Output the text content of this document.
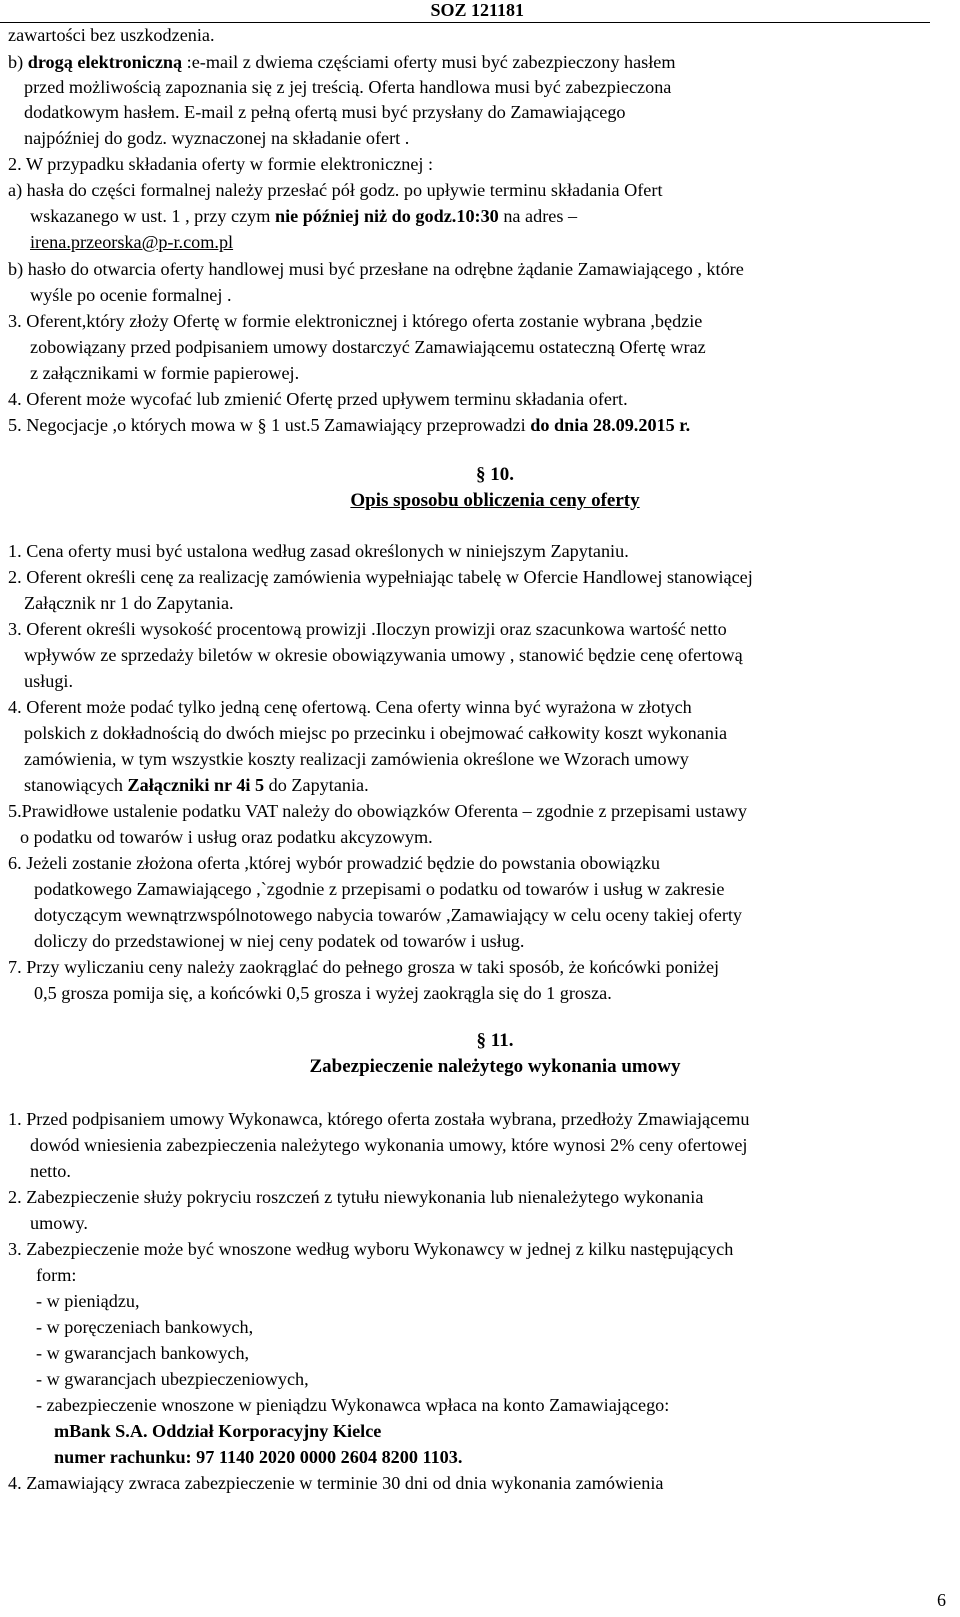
SOZ 121181
zawartości bez uszkodzenia.
b) drogą elektroniczną :e-mail z dwiema częściami oferty musi być zabezpieczony hasłem
przed możliwością zapoznania się z jej treścią. Oferta handlowa musi być zabezpieczona
dodatkowym hasłem. E-mail z pełną ofertą musi być przysłany do Zamawiającego
najpóźniej do godz. wyznaczonej na składanie ofert .
2. W przypadku składania oferty w formie elektronicznej :
a) hasła do części formalnej należy przesłać pół godz. po upływie terminu składania Ofert
wskazanego w ust. 1 , przy czym nie później niż do godz.10:30 na adres –
irena.przeorska@p-r.com.pl
b) hasło do otwarcia oferty handlowej musi być przesłane na odrębne żądanie Zamawiającego , które
wyśle po ocenie formalnej .
3. Oferent,który złoży Ofertę w formie elektronicznej i którego oferta zostanie wybrana ,będzie
zobowiązany przed podpisaniem umowy dostarczyć Zamawiającemu ostateczną Ofertę wraz
z załącznikami w formie papierowej.
4. Oferent może wycofać lub zmienić Ofertę przed upływem terminu składania ofert.
5. Negocjacje ,o których mowa w § 1 ust.5 Zamawiający przeprowadzi do dnia 28.09.2015 r.
§ 10.
Opis sposobu obliczenia ceny oferty
1. Cena oferty musi być ustalona według zasad określonych w niniejszym Zapytaniu.
2. Oferent określi cenę za realizację zamówienia wypełniając tabelę w Ofercie Handlowej stanowiącej
Załącznik nr 1 do Zapytania.
3. Oferent określi wysokość procentową prowizji .Iloczyn prowizji oraz szacunkowa wartość netto
wpływów ze sprzedaży biletów w okresie obowiązywania umowy , stanowić będzie cenę ofertową
usługi.
4. Oferent może podać tylko jedną cenę ofertową. Cena oferty winna być wyrażona w złotych
polskich z dokładnością do dwóch miejsc po przecinku i obejmować całkowity koszt wykonania
zamówienia, w tym wszystkie koszty realizacji zamówienia określone we Wzorach umowy
stanowiących Załączniki nr 4i 5 do Zapytania.
5.Prawidłowe ustalenie podatku VAT należy do obowiązków Oferenta – zgodnie z przepisami ustawy
o podatku od towarów i usług oraz podatku akcyzowym.
6. Jeżeli zostanie złożona oferta ,której wybór prowadzić będzie do powstania obowiązku
podatkowego Zamawiającego ,`zgodnie z przepisami o podatku od towarów i usług w zakresie
dotyczącym wewnątrzwspólnotowego nabycia towarów ,Zamawiający w celu oceny takiej oferty
doliczy do przedstawionej w niej ceny podatek od towarów i usług.
7. Przy wyliczaniu ceny należy zaokrąglać do pełnego grosza w taki sposób, że końcówki poniżej
0,5 grosza pomija się, a końcówki 0,5 grosza i wyżej zaokrągla się do 1 grosza.
§ 11.
Zabezpieczenie należytego wykonania umowy
1. Przed podpisaniem umowy Wykonawca, którego oferta została wybrana, przedłoży Zmawiającemu
dowód wniesienia zabezpieczenia należytego wykonania umowy, które wynosi 2% ceny ofertowej
netto.
2. Zabezpieczenie służy pokryciu roszczeń z tytułu niewykonania lub nienależytego wykonania
umowy.
3. Zabezpieczenie może być wnoszone według wyboru Wykonawcy w jednej z kilku następujących
form:
- w pieniądzu,
- w poręczeniach bankowych,
- w gwarancjach bankowych,
- w gwarancjach ubezpieczeniowych,
- zabezpieczenie wnoszone w pieniądzu Wykonawca wpłaca na konto Zamawiającego:
mBank S.A. Oddział Korporacyjny Kielce
numer rachunku: 97 1140 2020 0000 2604 8200 1103.
4. Zamawiający zwraca zabezpieczenie w terminie 30 dni od dnia wykonania zamówienia
6
